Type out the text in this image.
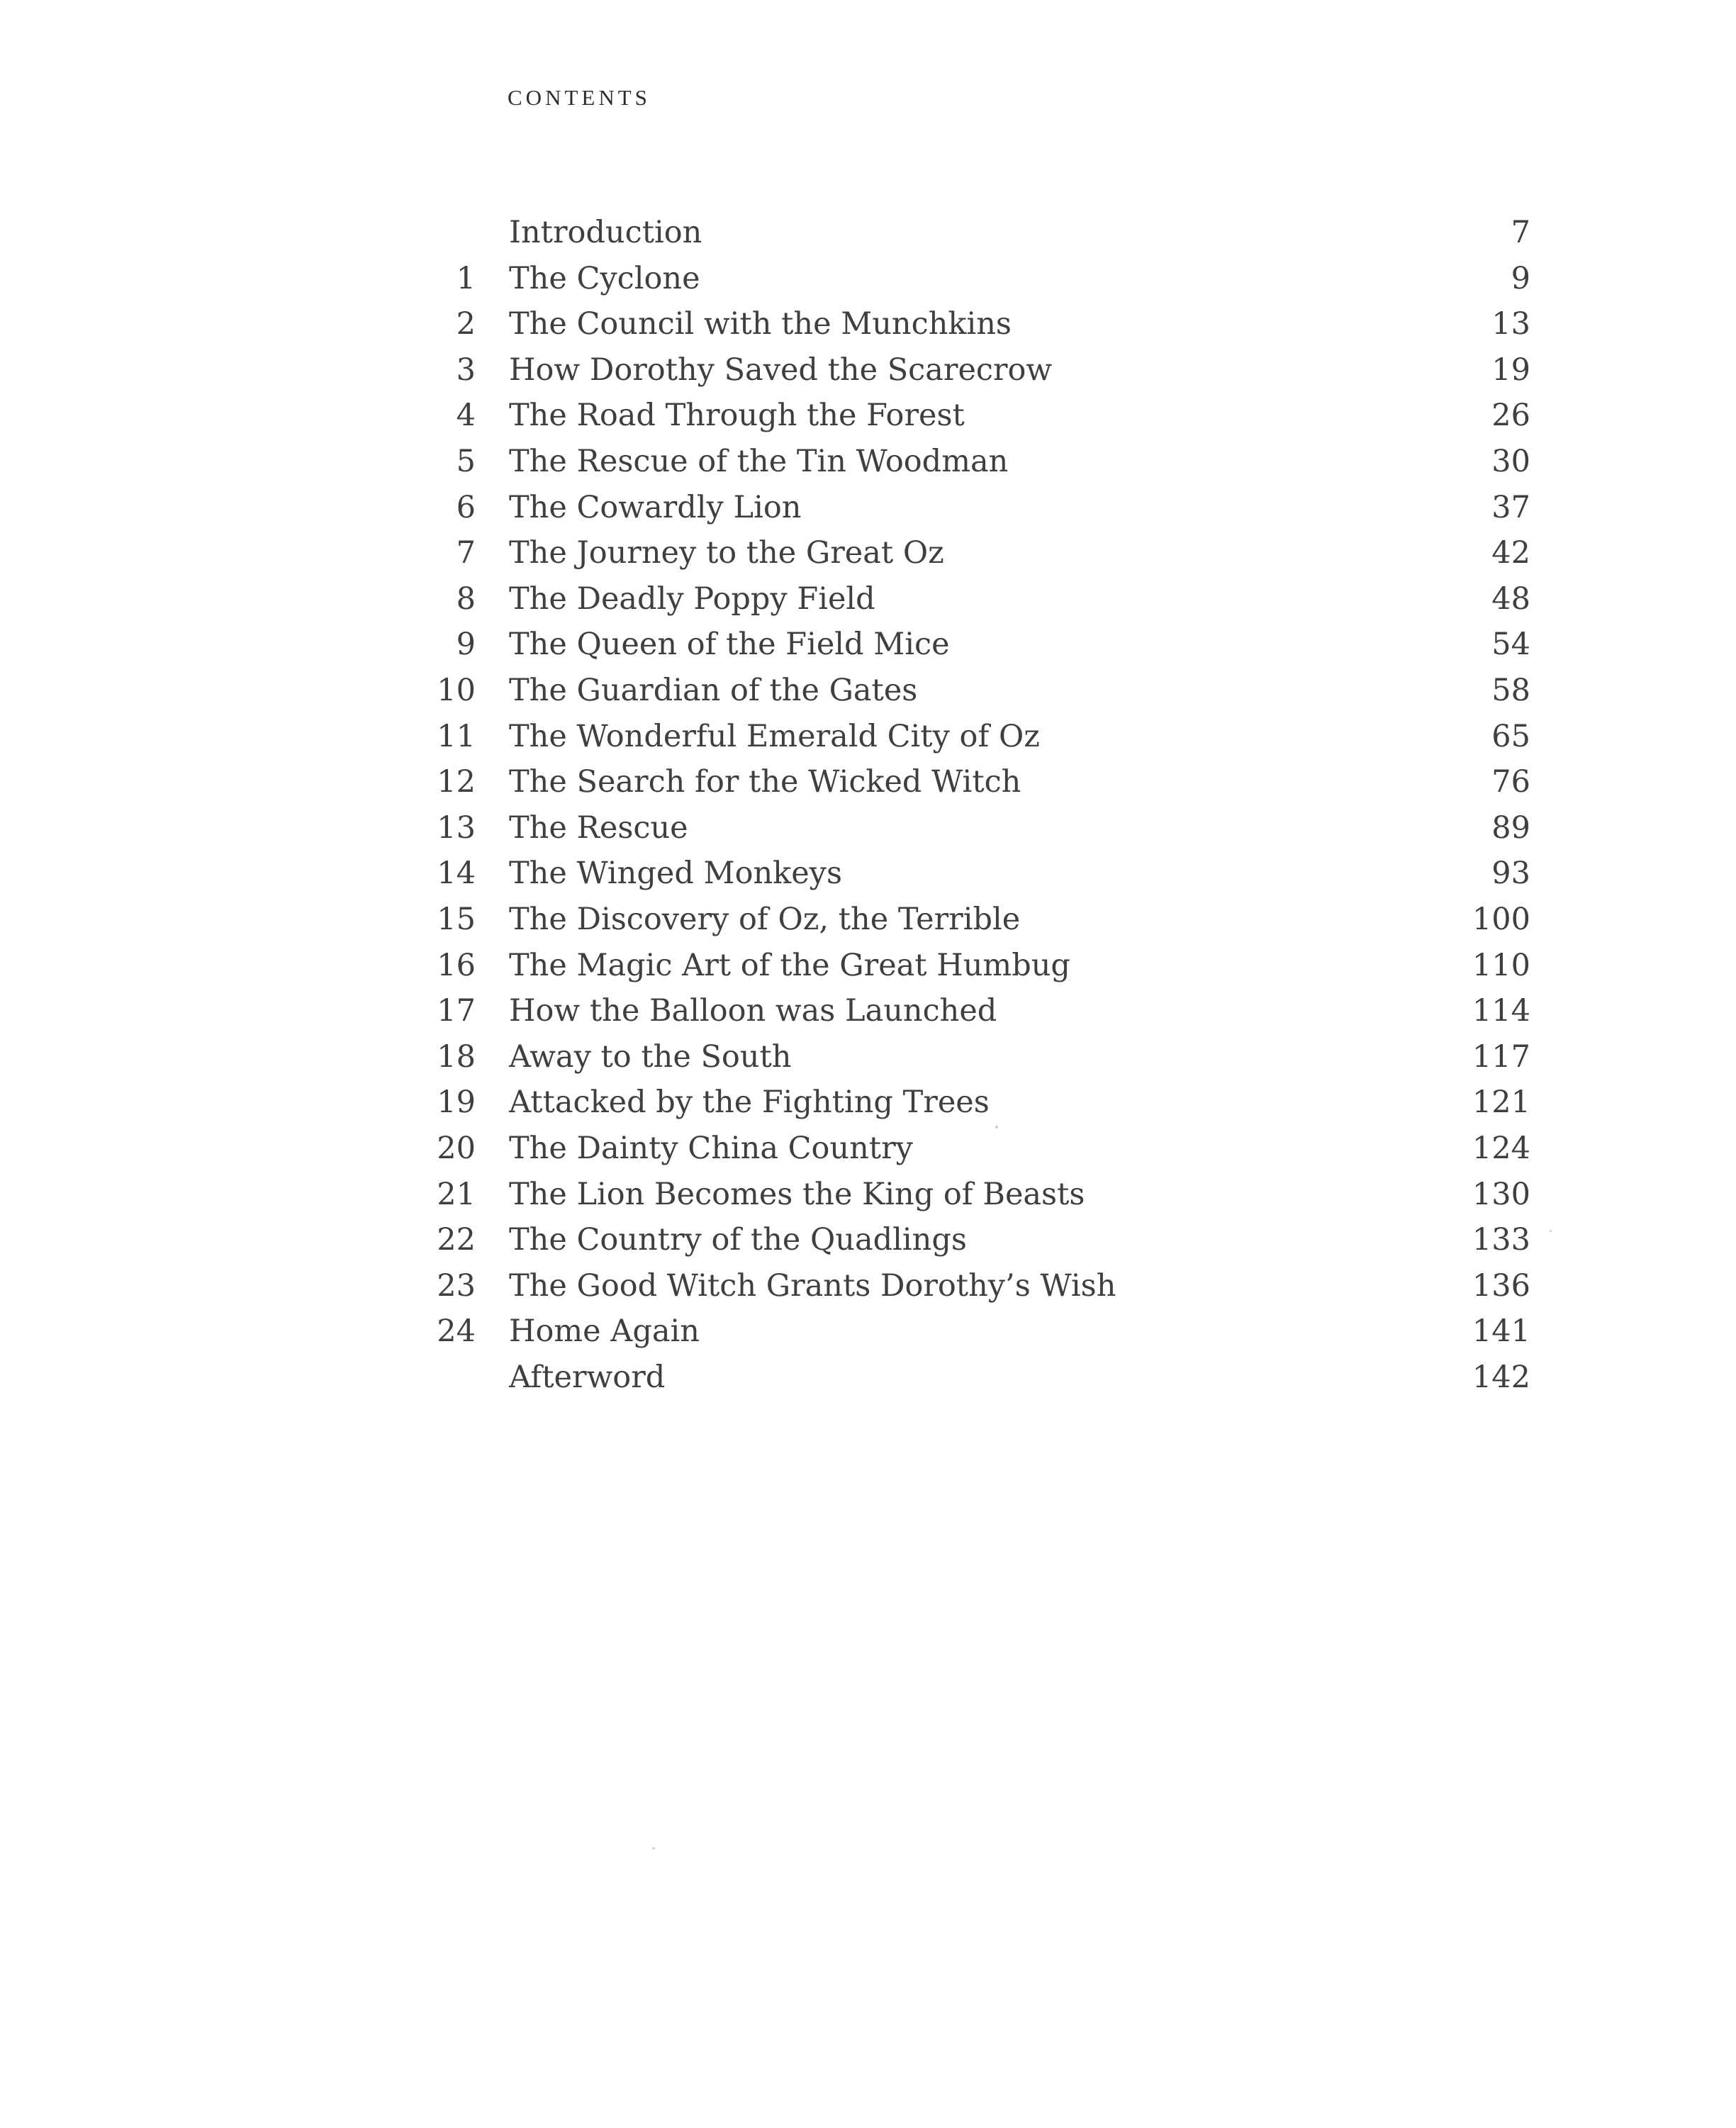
CONTENTS
Introduction	7
1 The Cyclone	9
2 The Council with the Munchkins	13
3 How Dorothy Saved the Scarecrow	19
4 The Road Through the Forest	26
5 The Rescue of the Tin Woodman	30
6 The Cowardly Lion	37
7 The Journey to the Great Oz	42
8 The Deadly Poppy Field	48
9 The Queen of the Field Mice	54
10 The Guardian of the Gates	58
11 The Wonderful Emerald City of Oz	65
12 The Search for the Wicked Witch	76
13 The Rescue	89
14 The Winged Monkeys	93
15 The Discovery of Oz, the Terrible	100
16 The Magic Art of the Great Humbug	110
17 How the Balloon was Launched	114
18 Away to the South	117
19 Attacked by the Fighting Trees	121
20 The Dainty China Country	124
21 The Lion Becomes the King of Beasts	130
22 The Country of the Quadlings	133
23 The Good Witch Grants Dorothy’s Wish	136
24 Home Again	141
Afterword	142
